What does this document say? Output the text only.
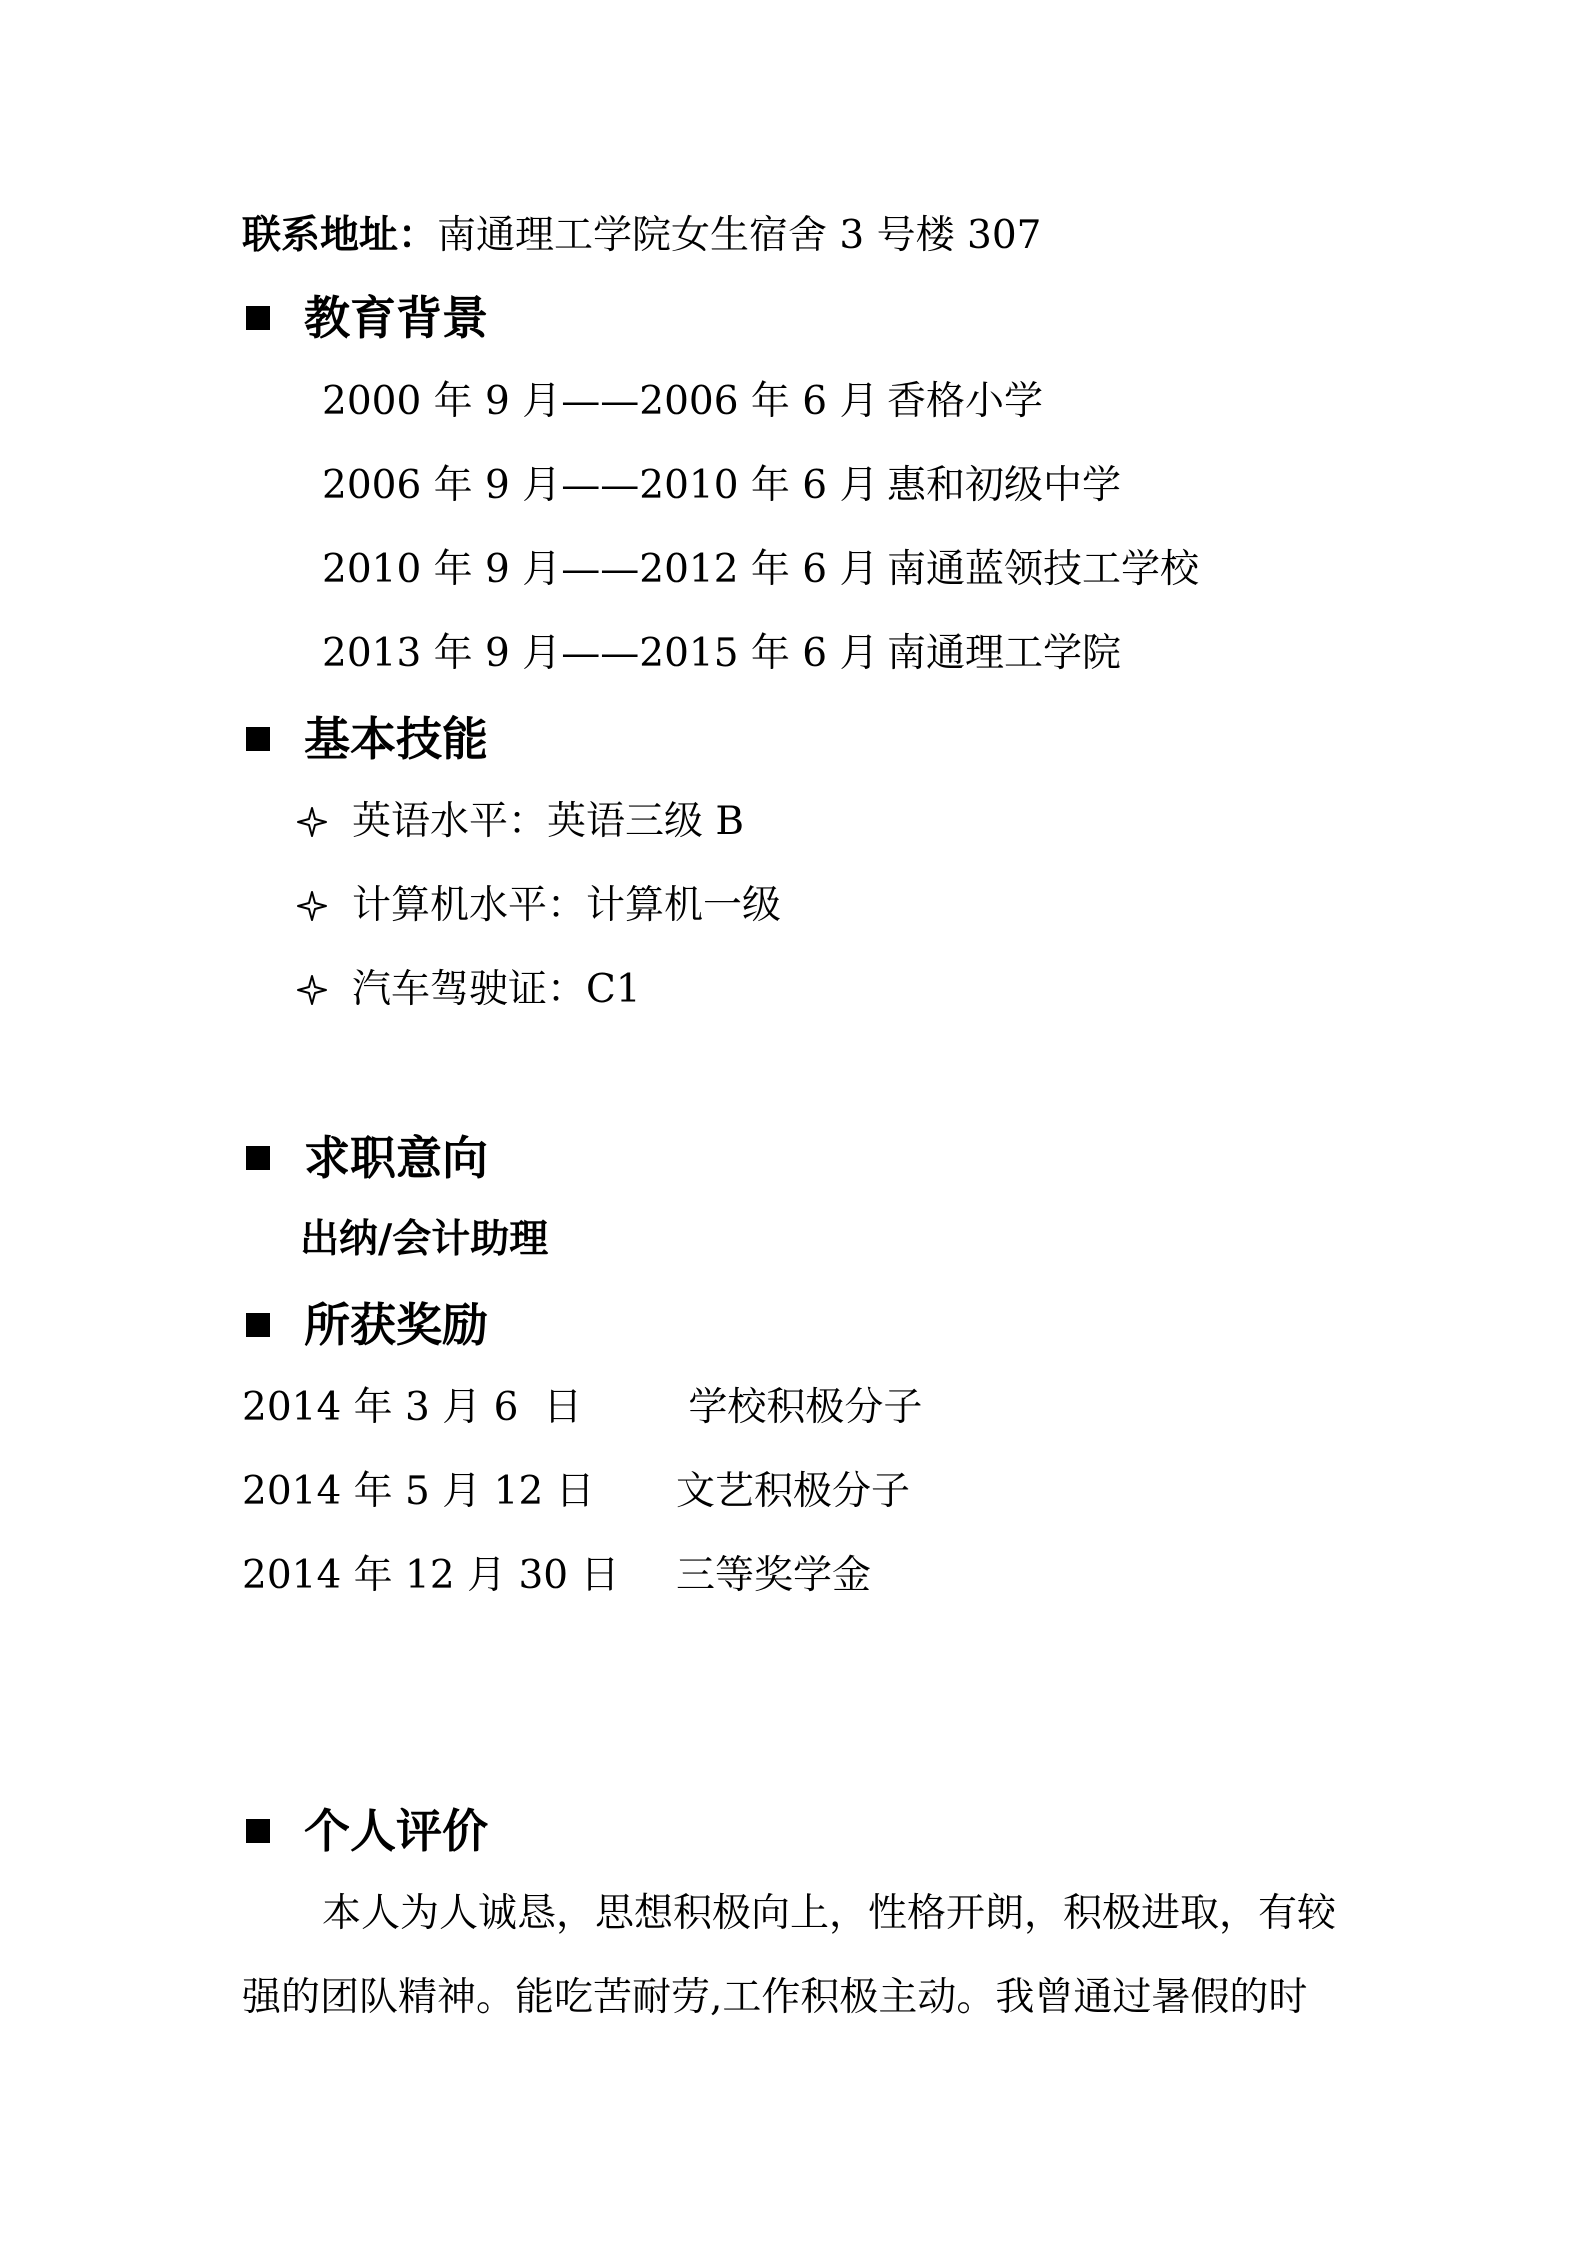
联系地址：南通理工学院女生宿舍 3 号楼 307
教育背景
2000 年 9 月——2006 年 6 月 香格小学
2006 年 9 月——2010 年 6 月 惠和初级中学
2010 年 9 月——2012 年 6 月 南通蓝领技工学校
2013 年 9 月——2015 年 6 月 南通理工学院
基本技能
英语水平：英语三级 B
计算机水平：计算机一级
汽车驾驶证：C1
求职意向
出纳/会计助理
所获奖励
2014 年 3 月 6  日 学校积极分子
2014 年 5 月 12 日 文艺积极分子
2014 年 12 月 30 日 三等奖学金
个人评价
本人为人诚恳，思想积极向上，性格开朗，积极进取，有较
强的团队精神。能吃苦耐劳,工作积极主动。我曾通过暑假的时
